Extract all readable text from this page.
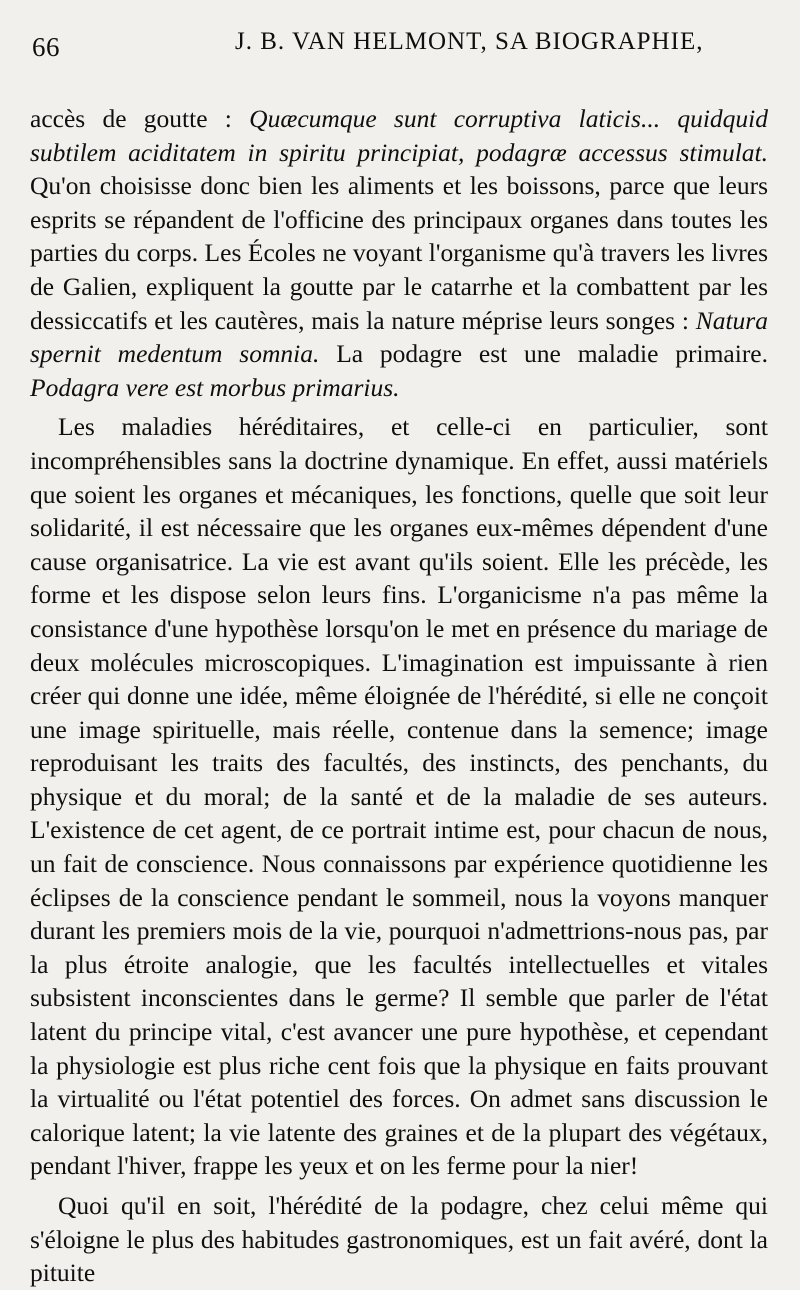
66	J. B. VAN HELMONT, SA BIOGRAPHIE,

accès de goutte : Quæcumque sunt corruptiva laticis... quidquid subtilem aciditatem in spiritu principiat, podagræ accessus stimulat. Qu'on choisisse donc bien les aliments et les boissons, parce que leurs esprits se répandent de l'officine des principaux organes dans toutes les parties du corps. Les Écoles ne voyant l'organisme qu'à travers les livres de Galien, expliquent la goutte par le catarrhe et la combattent par les dessiccatifs et les cautères, mais la nature méprise leurs songes : Natura spernit medentum somnia. La podagre est une maladie primaire. Podagra vere est morbus primarius.

Les maladies héréditaires, et celle-ci en particulier, sont incompréhensibles sans la doctrine dynamique. En effet, aussi matériels que soient les organes et mécaniques, les fonctions, quelle que soit leur solidarité, il est nécessaire que les organes eux-mêmes dépendent d'une cause organisatrice. La vie est avant qu'ils soient. Elle les précède, les forme et les dispose selon leurs fins. L'organicisme n'a pas même la consistance d'une hypothèse lorsqu'on le met en présence du mariage de deux molécules microscopiques. L'imagination est impuissante à rien créer qui donne une idée, même éloignée de l'hérédité, si elle ne conçoit une image spirituelle, mais réelle, contenue dans la semence; image reproduisant les traits des facultés, des instincts, des penchants, du physique et du moral; de la santé et de la maladie de ses auteurs. L'existence de cet agent, de ce portrait intime est, pour chacun de nous, un fait de conscience. Nous connaissons par expérience quotidienne les éclipses de la conscience pendant le sommeil, nous la voyons manquer durant les premiers mois de la vie, pourquoi n'admettrions-nous pas, par la plus étroite analogie, que les facultés intellectuelles et vitales subsistent inconscientes dans le germe? Il semble que parler de l'état latent du principe vital, c'est avancer une pure hypothèse, et cependant la physiologie est plus riche cent fois que la physique en faits prouvant la virtualité ou l'état potentiel des forces. On admet sans discussion le calorique latent; la vie latente des graines et de la plupart des végétaux, pendant l'hiver, frappe les yeux et on les ferme pour la nier!

Quoi qu'il en soit, l'hérédité de la podagre, chez celui même qui s'éloigne le plus des habitudes gastronomiques, est un fait avéré, dont la pituite
